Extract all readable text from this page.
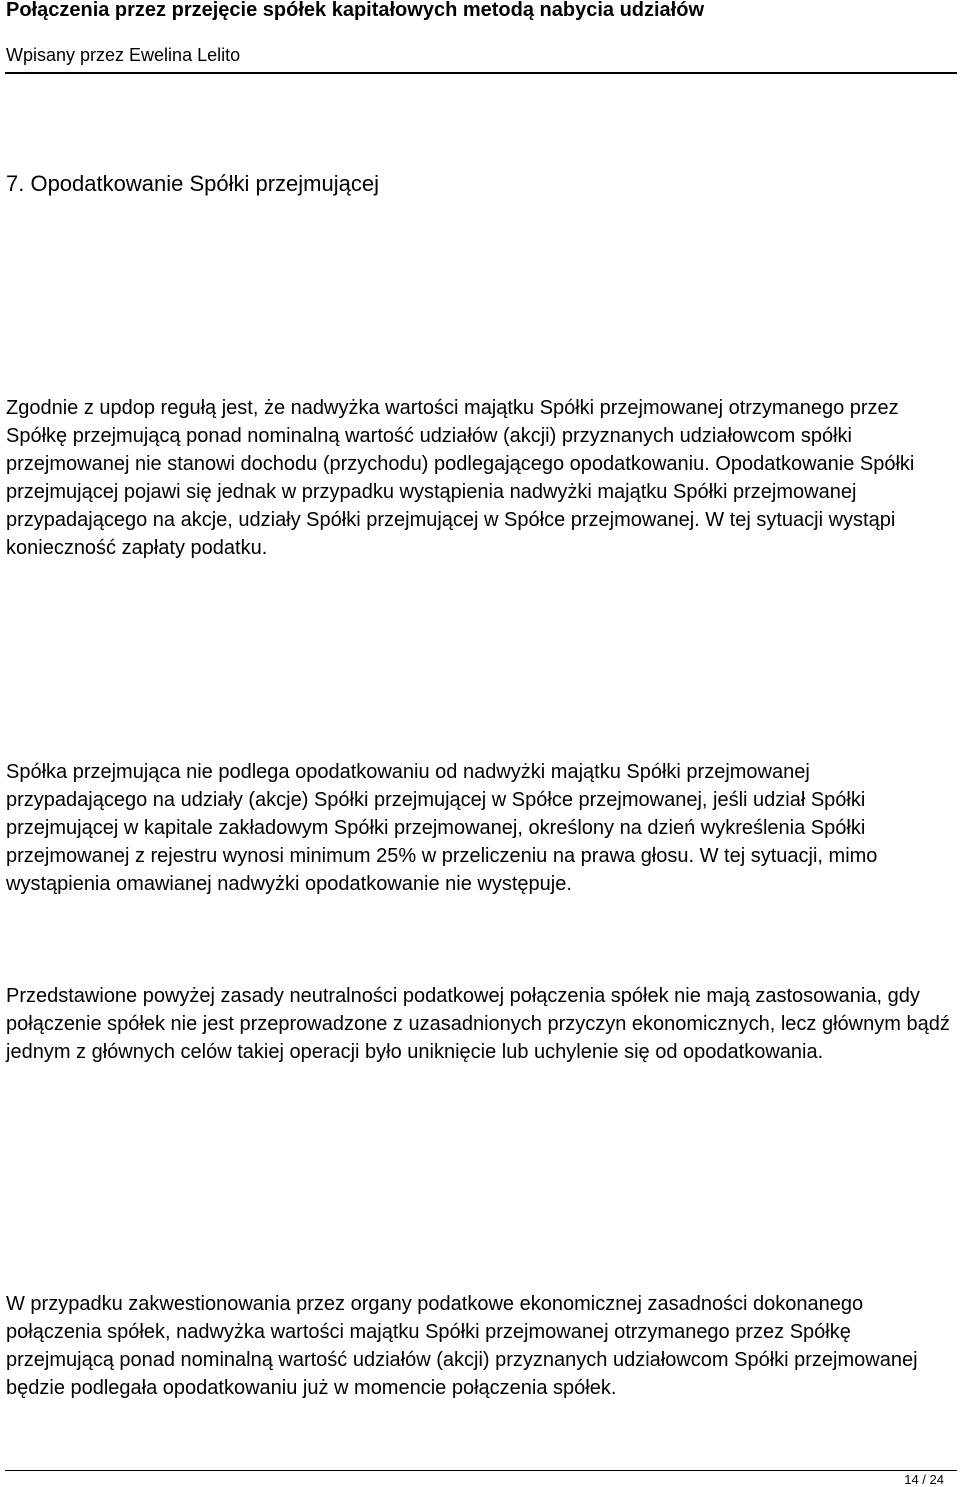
Połączenia przez przejęcie spółek kapitałowych metodą nabycia udziałów

Wpisany przez Ewelina Lelito

7. Opodatkowanie Spółki przejmującej

Zgodnie z updop regułą jest, że nadwyżka wartości majątku Spółki przejmowanej otrzymanego przez Spółkę przejmującą ponad nominalną wartość udziałów (akcji) przyznanych udziałowcom spółki przejmowanej nie stanowi dochodu (przychodu) podlegającego opodatkowaniu. Opodatkowanie Spółki przejmującej pojawi się jednak w przypadku wystąpienia nadwyżki majątku Spółki przejmowanej przypadającego na akcje, udziały Spółki przejmującej w Spółce przejmowanej. W tej sytuacji wystąpi konieczność zapłaty podatku.

Spółka przejmująca nie podlega opodatkowaniu od nadwyżki majątku Spółki przejmowanej przypadającego na udziały (akcje) Spółki przejmującej w Spółce przejmowanej, jeśli udział Spółki przejmującej w kapitale zakładowym Spółki przejmowanej, określony na dzień wykreślenia Spółki przejmowanej z rejestru wynosi minimum 25% w przeliczeniu na prawa głosu. W tej sytuacji, mimo wystąpienia omawianej nadwyżki opodatkowanie nie występuje.

Przedstawione powyżej zasady neutralności podatkowej połączenia spółek nie mają zastosowania, gdy połączenie spółek nie jest przeprowadzone z uzasadnionych przyczyn ekonomicznych, lecz głównym bądź jednym z głównych celów takiej operacji było uniknięcie lub uchylenie się od opodatkowania.

W przypadku zakwestionowania przez organy podatkowe ekonomicznej zasadności dokonanego połączenia spółek, nadwyżka wartości majątku Spółki przejmowanej otrzymanego przez Spółkę przejmującą ponad nominalną wartość udziałów (akcji) przyznanych udziałowcom Spółki przejmowanej będzie podlegała opodatkowaniu już w momencie połączenia spółek.

14 / 24
